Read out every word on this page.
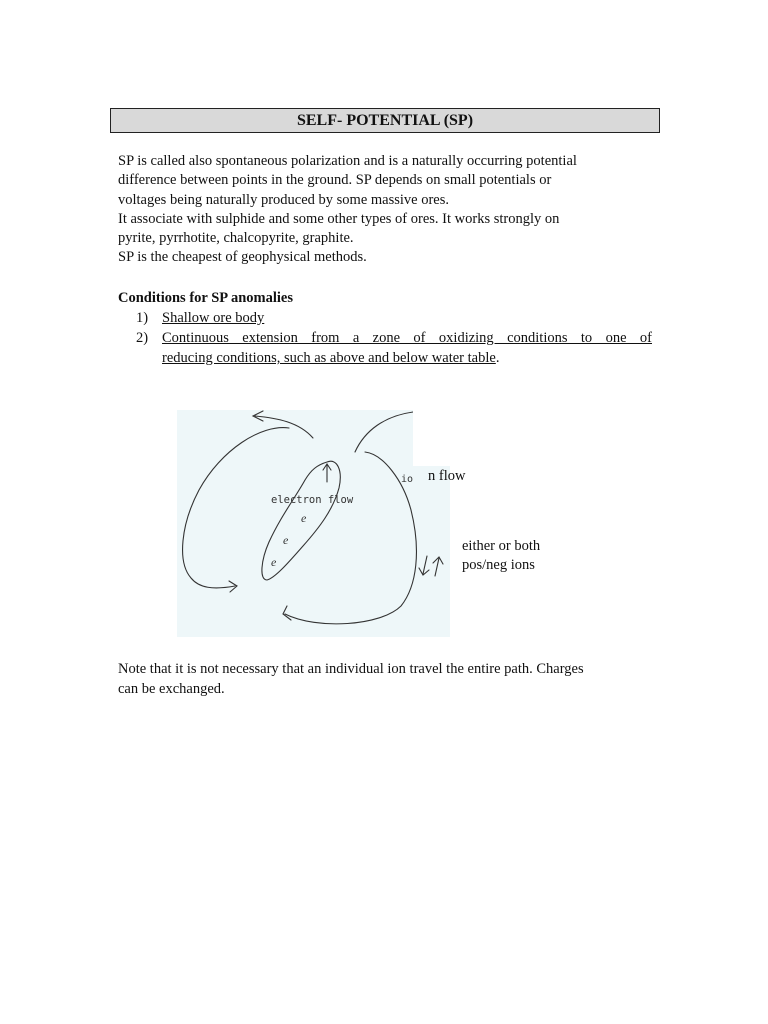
SELF- POTENTIAL (SP)
SP is called also spontaneous polarization and is a naturally occurring potential
difference between points in the ground. SP depends on small potentials or
voltages being naturally produced by some massive ores.
It associate with sulphide and some other types of ores. It works strongly on
pyrite, pyrrhotite, chalcopyrite, graphite.
SP is the cheapest of geophysical methods.
Conditions for SP anomalies
1) Shallow ore body
2) Continuous extension from a zone of oxidizing conditions to one of
reducing conditions, such as above and below water table.
electron flow
e
e
e
io n flow
either or both
pos/neg ions
Note that it is not necessary that an individual ion travel the entire path. Charges
can be exchanged.
